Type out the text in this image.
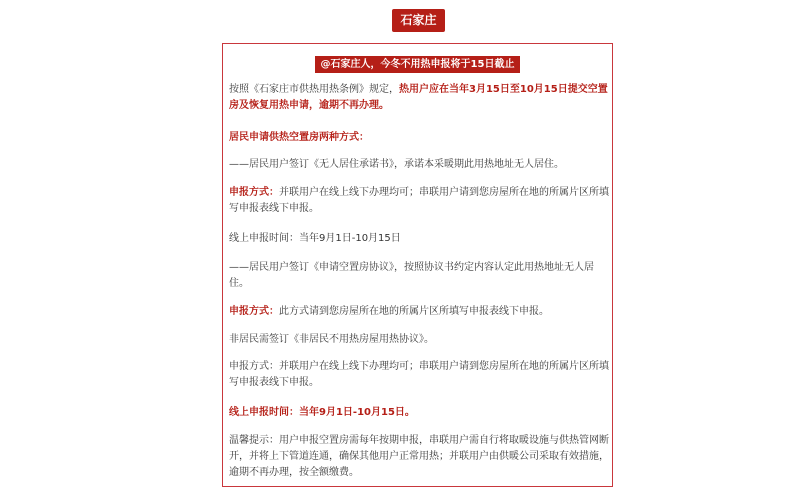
石家庄
@石家庄人，今冬不用热申报将于15日截止
按照《石家庄市供热用热条例》规定，热用户应在当年3月15日至10月15日提交空置房及恢复用热申请，逾期不再办理。
居民申请供热空置房两种方式：
——居民用户签订《无人居住承诺书》，承诺本采暖期此用热地址无人居住。
申报方式：并联用户在线上线下办理均可；串联用户请到您房屋所在地的所属片区所填写申报表线下申报。
线上申报时间：当年9月1日-10月15日
——居民用户签订《申请空置房协议》，按照协议书约定内容认定此用热地址无人居住。
申报方式：此方式请到您房屋所在地的所属片区所填写申报表线下申报。
非居民需签订《非居民不用热房屋用热协议》。
申报方式：并联用户在线上线下办理均可；串联用户请到您房屋所在地的所属片区所填写申报表线下申报。
线上申报时间：当年9月1日-10月15日。
温馨提示：用户申报空置房需每年按期申报，串联用户需自行将取暖设施与供热管网断开，并将上下管道连通，确保其他用户正常用热；并联用户由供暖公司采取有效措施，逾期不再办理，按全额缴费。
